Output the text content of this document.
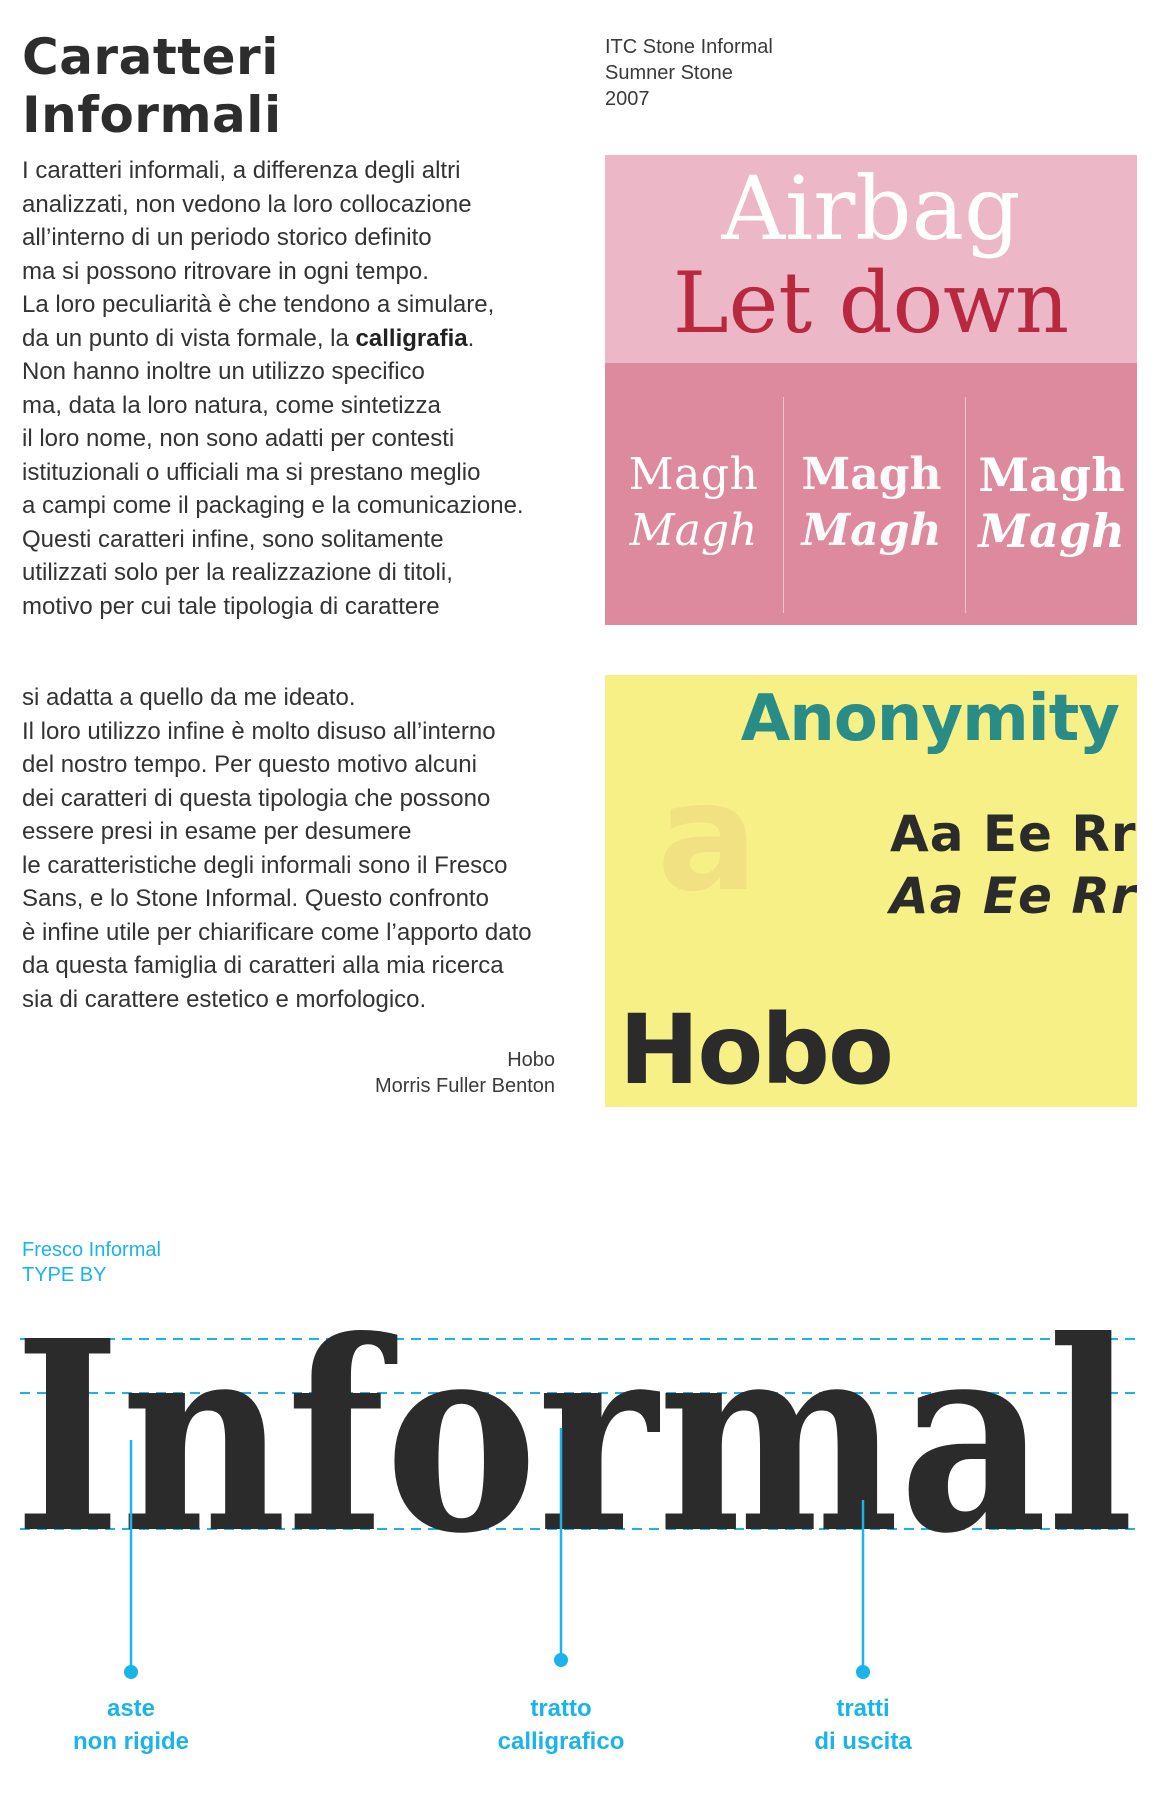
Caratteri
Informali
ITC Stone Informal
Sumner Stone
2007
I caratteri informali, a differenza degli altri
analizzati, non vedono la loro collocazione
all’interno di un periodo storico definito
ma si possono ritrovare in ogni tempo.
La loro peculiarità è che tendono a simulare,
da un punto di vista formale, la calligrafia.
Non hanno inoltre un utilizzo specifico
ma, data la loro natura, come sintetizza
il loro nome, non sono adatti per contesti
istituzionali o ufficiali ma si prestano meglio
a campi come il packaging e la comunicazione.
Questi caratteri infine, sono solitamente
utilizzati solo per la realizzazione di titoli,
motivo per cui tale tipologia di carattere
si adatta a quello da me ideato.
Il loro utilizzo infine è molto disuso all’interno
del nostro tempo. Per questo motivo alcuni
dei caratteri di questa tipologia che possono
essere presi in esame per desumere
le caratteristiche degli informali sono il Fresco
Sans, e lo Stone Informal. Questo confronto
è infine utile per chiarificare come l’apporto dato
da questa famiglia di caratteri alla mia ricerca
sia di carattere estetico e morfologico.
Hobo
Morris Fuller Benton
Airbag
Let down
Magh
Magh
Magh
Magh
Magh
Magh
Anonymity
a	Aa Ee Rr
Aa Ee Rr
Hobo
Fresco Informal
TYPE BY
Informal
aste
non rigide
tratto
calligrafico
tratti
di uscita
